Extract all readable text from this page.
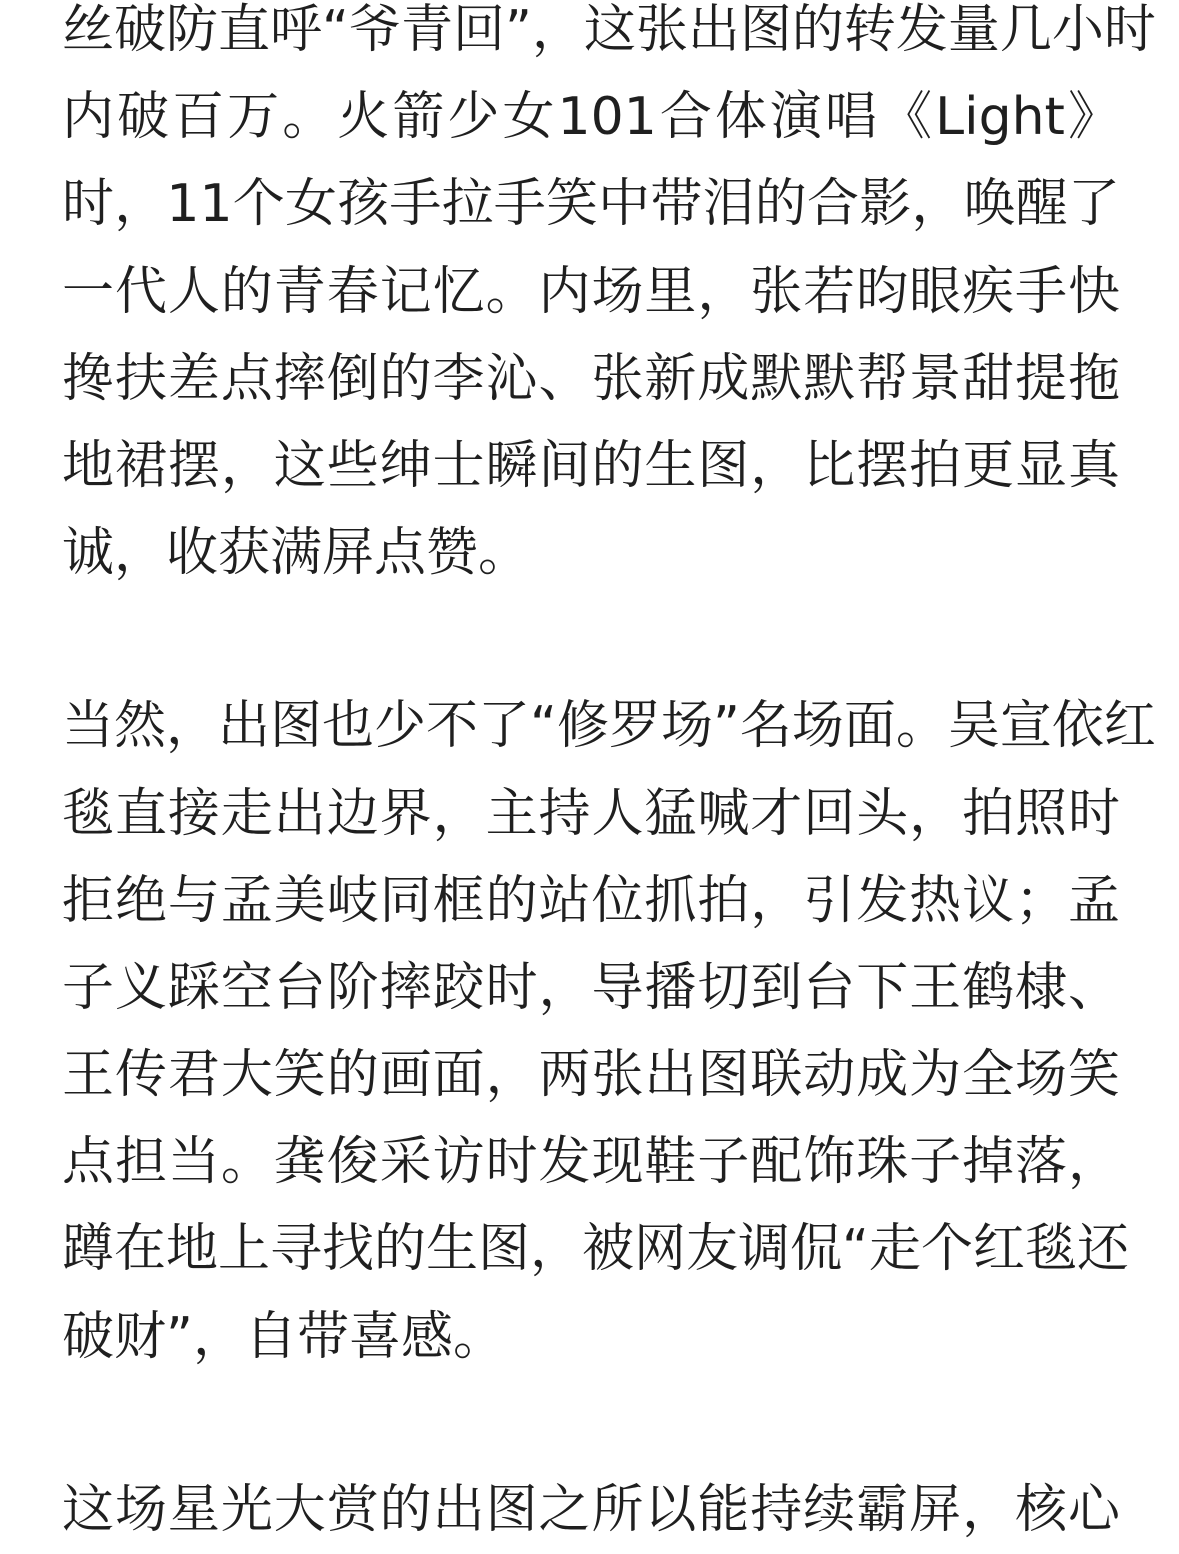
丝破防直呼“爷青回”，这张出图的转发量几小时
内破百万。火箭少女101合体演唱《Light》
时，11个女孩手拉手笑中带泪的合影，唤醒了
一代人的青春记忆。内场里，张若昀眼疾手快
搀扶差点摔倒的李沁、张新成默默帮景甜提拖
地裙摆，这些绅士瞬间的生图，比摆拍更显真
诚，收获满屏点赞。
当然，出图也少不了“修罗场”名场面。吴宣依红
毯直接走出边界，主持人猛喊才回头，拍照时
拒绝与孟美岐同框的站位抓拍，引发热议；孟
子义踩空台阶摔跤时，导播切到台下王鹤棣、
王传君大笑的画面，两张出图联动成为全场笑
点担当。龚俊采访时发现鞋子配饰珠子掉落，
蹲在地上寻找的生图，被网友调侃“走个红毯还
破财”，自带喜感。
这场星光大赏的出图之所以能持续霸屏，核心
